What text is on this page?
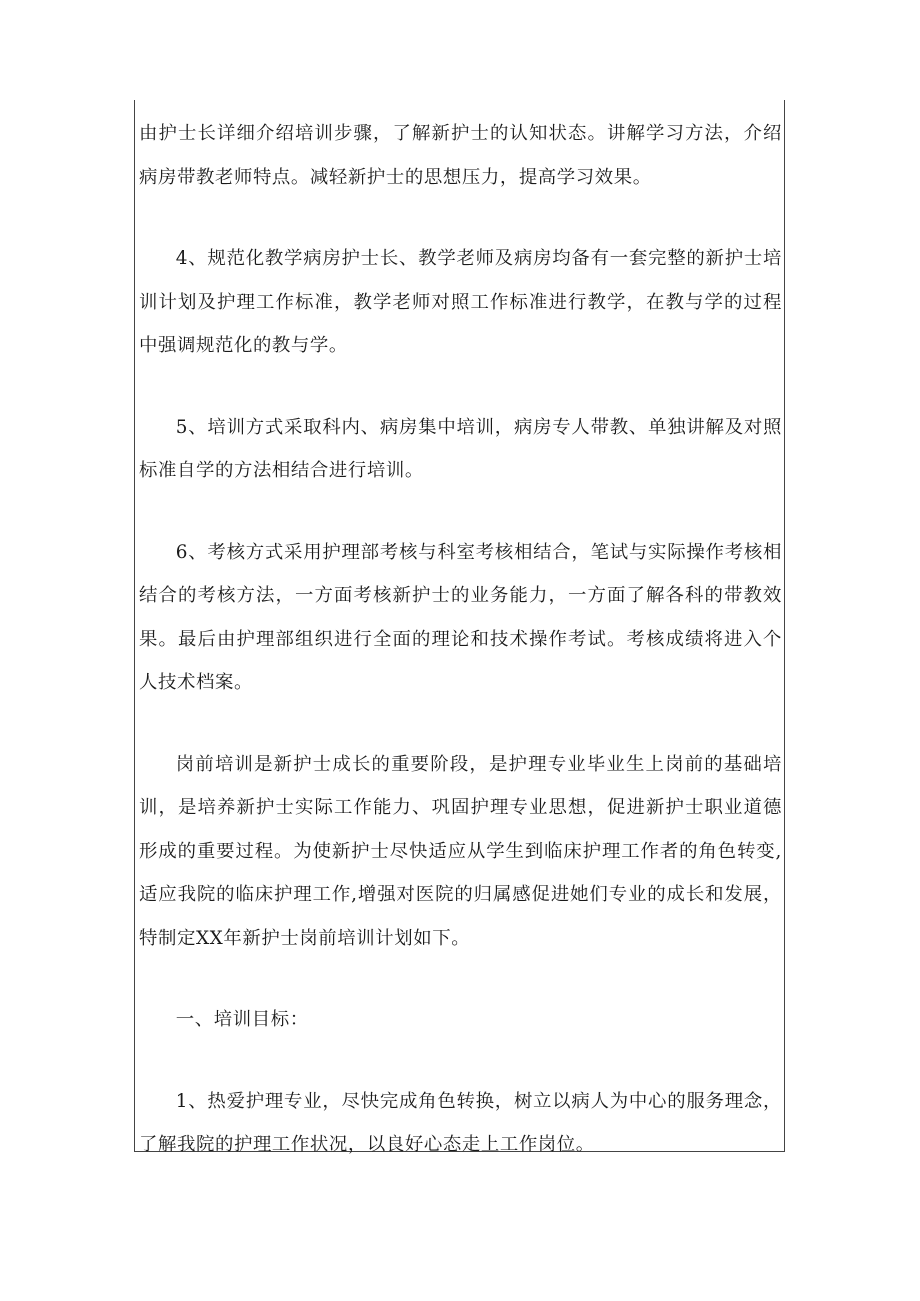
由护士长详细介绍培训步骤，了解新护士的认知状态。讲解学习方法，介绍病房带教老师特点。减轻新护士的思想压力，提高学习效果。

4、规范化教学病房护士长、教学老师及病房均备有一套完整的新护士培训计划及护理工作标准，教学老师对照工作标准进行教学，在教与学的过程中强调规范化的教与学。

5、培训方式采取科内、病房集中培训，病房专人带教、单独讲解及对照标准自学的方法相结合进行培训。

6、考核方式采用护理部考核与科室考核相结合，笔试与实际操作考核相结合的考核方法，一方面考核新护士的业务能力，一方面了解各科的带教效果。最后由护理部组织进行全面的理论和技术操作考试。考核成绩将进入个人技术档案。

岗前培训是新护士成长的重要阶段，是护理专业毕业生上岗前的基础培训，是培养新护士实际工作能力、巩固护理专业思想，促进新护士职业道德形成的重要过程。为使新护士尽快适应从学生到临床护理工作者的角色转变,适应我院的临床护理工作,增强对医院的归属感促进她们专业的成长和发展，特制定XX年新护士岗前培训计划如下。

一、培训目标：

1、热爱护理专业，尽快完成角色转换，树立以病人为中心的服务理念，了解我院的护理工作状况，以良好心态走上工作岗位。
